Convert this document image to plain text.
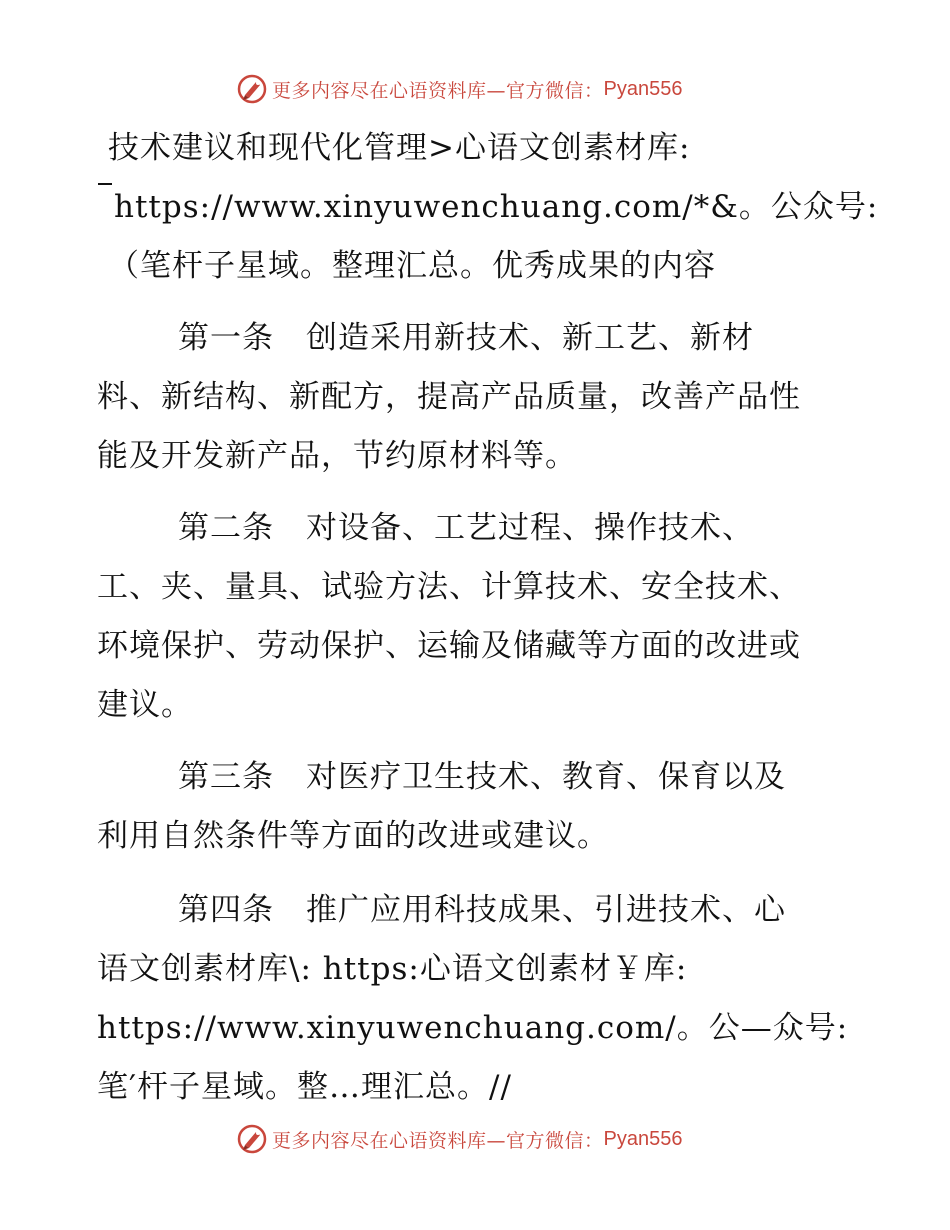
更多内容尽在心语资料库—官方微信： Pyan556
技术建议和现代化管理>心语文创素材库:
https://www.xinyuwenchuang.com/*&。公众号:
（笔杆子星域。整理汇总。优秀成果的内容
第一条　创造采用新技术、新工艺、新材
料、新结构、新配方，提高产品质量，改善产品性
能及开发新产品，节约原材料等。
第二条　对设备、工艺过程、操作技术、
工、夹、量具、试验方法、计算技术、安全技术、
环境保护、劳动保护、运输及储藏等方面的改进或
建议。
第三条　对医疗卫生技术、教育、保育以及
利用自然条件等方面的改进或建议。
第四条　推广应用科技成果、引进技术、心
语文创素材库\: https:心语文创素材￥库:
https://www.xinyuwenchuang.com/。公—众号:
笔′杆子星域。整…理汇总。//
更多内容尽在心语资料库—官方微信： Pyan556
